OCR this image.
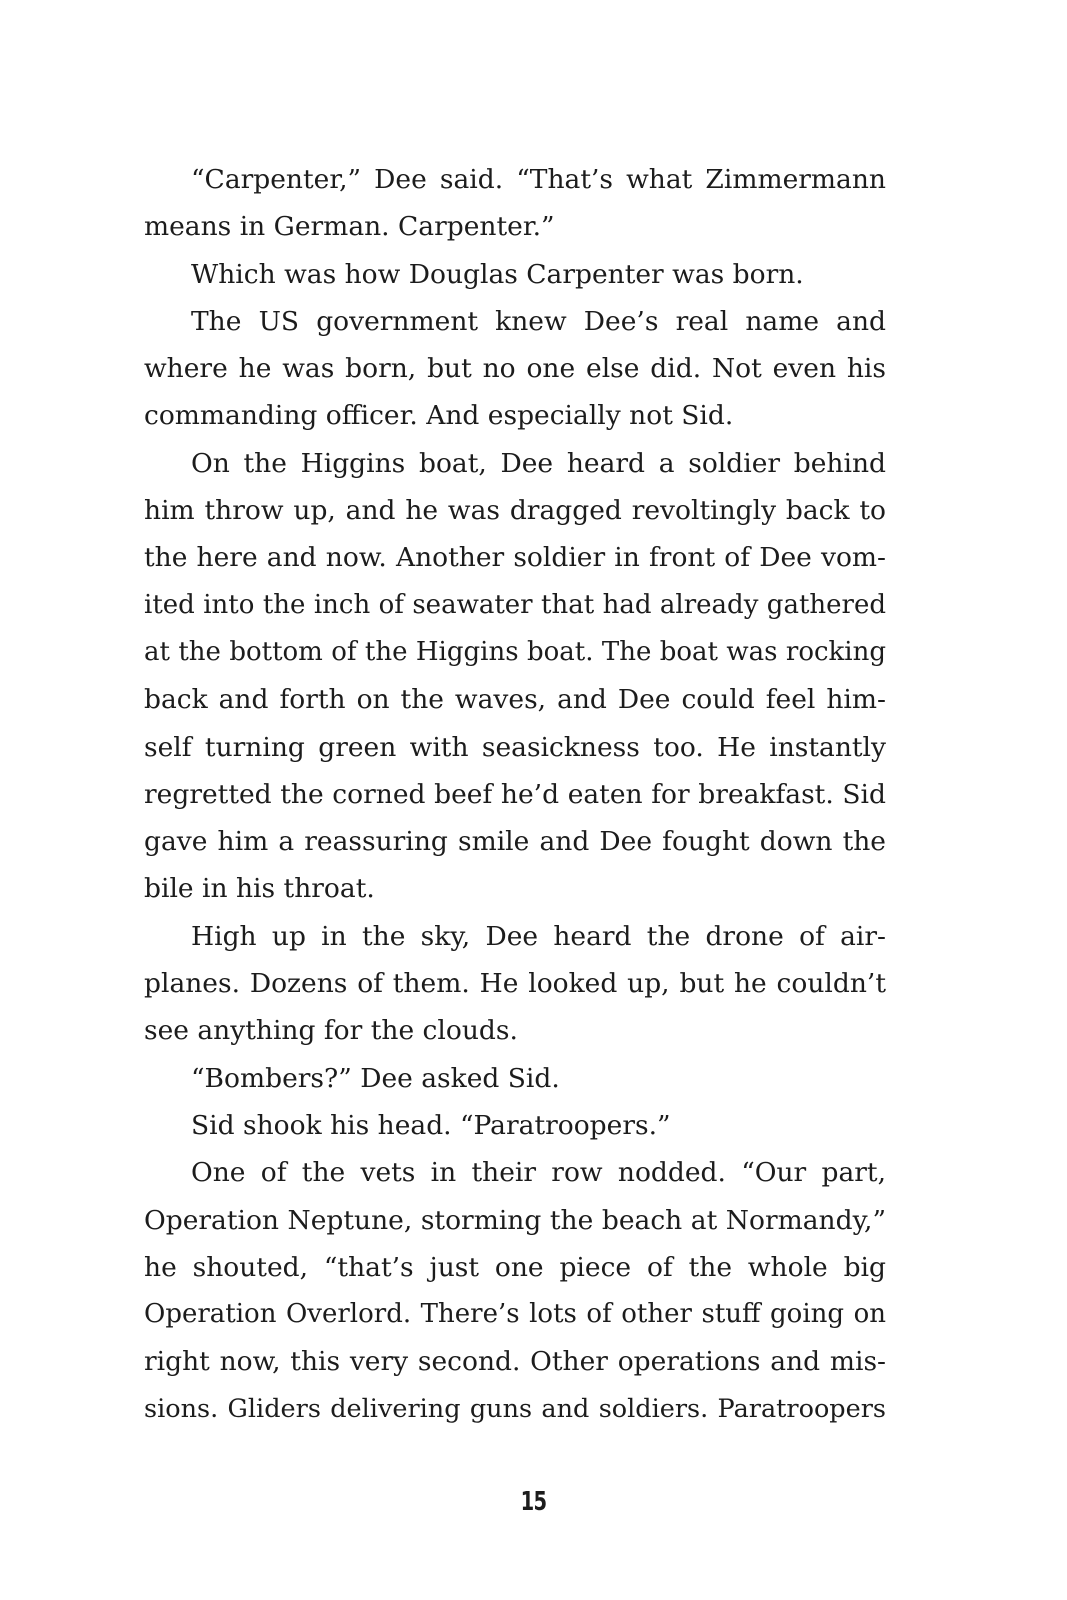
“Carpenter,” Dee said. “That’s what Zimmermann
means in German. Carpenter.”
Which was how Douglas Carpenter was born.
The US government knew Dee’s real name and
where he was born, but no one else did. Not even his
commanding officer. And especially not Sid.
On the Higgins boat, Dee heard a soldier behind
him throw up, and he was dragged revoltingly back to
the here and now. Another soldier in front of Dee vom-
ited into the inch of seawater that had already gathered
at the bottom of the Higgins boat. The boat was rocking
back and forth on the waves, and Dee could feel him-
self turning green with seasickness too. He instantly
regretted the corned beef he’d eaten for breakfast. Sid
gave him a reassuring smile and Dee fought down the
bile in his throat.
High up in the sky, Dee heard the drone of air-
planes. Dozens of them. He looked up, but he couldn’t
see anything for the clouds.
“Bombers?” Dee asked Sid.
Sid shook his head. “Paratroopers.”
One of the vets in their row nodded. “Our part,
Operation Neptune, storming the beach at Normandy,”
he shouted, “that’s just one piece of the whole big
Operation Overlord. There’s lots of other stuff going on
right now, this very second. Other operations and mis-
sions. Gliders delivering guns and soldiers. Paratroopers
15
